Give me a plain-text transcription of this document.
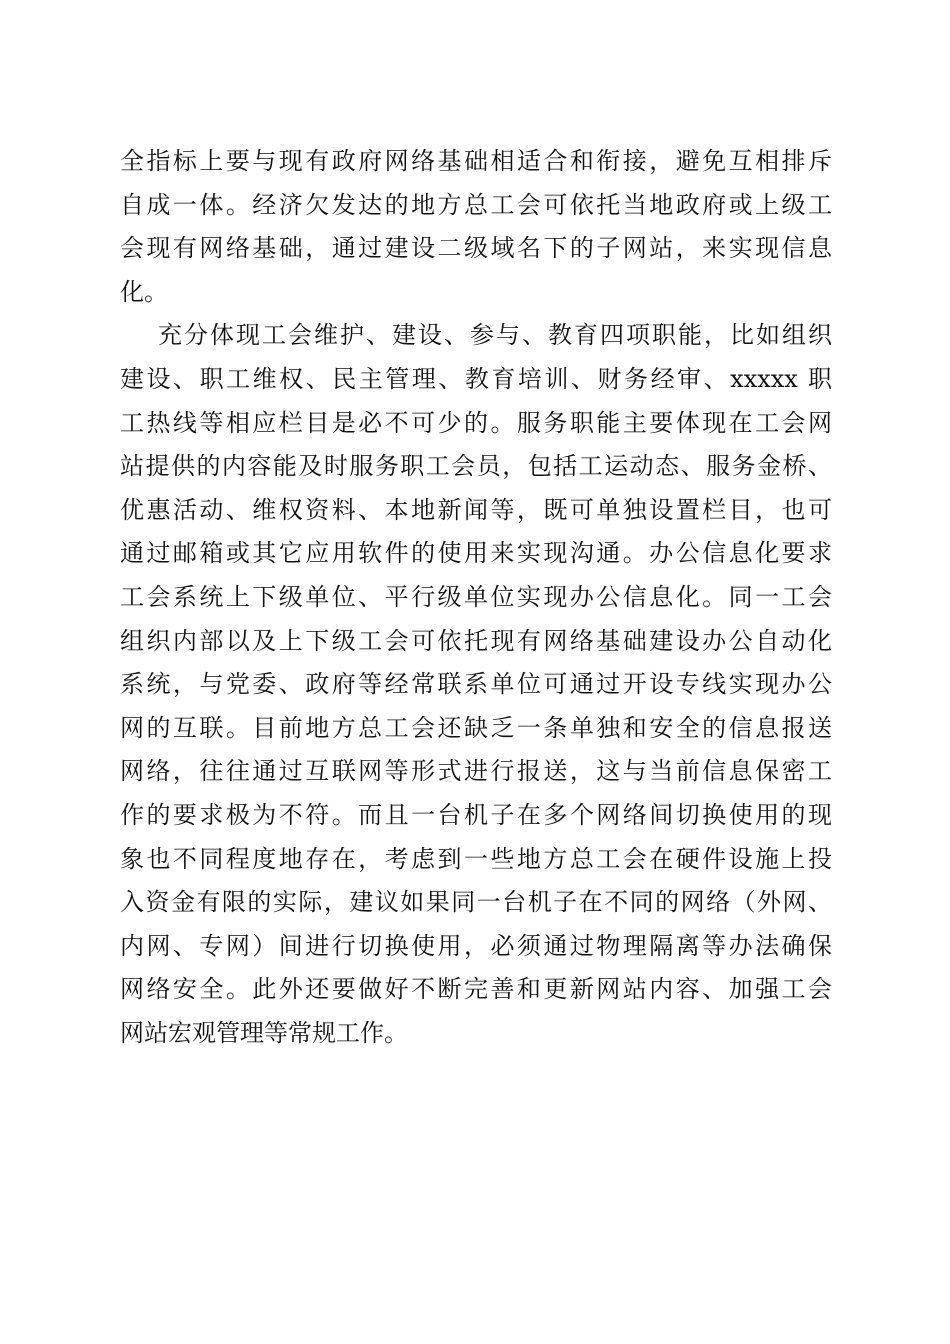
全指标上要与现有政府网络基础相适合和衔接，避免互相排斥
自成一体。经济欠发达的地方总工会可依托当地政府或上级工
会现有网络基础，通过建设二级域名下的子网站，来实现信息
化。
充分体现工会维护、建设、参与、教育四项职能，比如组织
建设、职工维权、民主管理、教育培训、财务经审、xxxxx 职
工热线等相应栏目是必不可少的。服务职能主要体现在工会网
站提供的内容能及时服务职工会员，包括工运动态、服务金桥、
优惠活动、维权资料、本地新闻等，既可单独设置栏目，也可
通过邮箱或其它应用软件的使用来实现沟通。办公信息化要求
工会系统上下级单位、平行级单位实现办公信息化。同一工会
组织内部以及上下级工会可依托现有网络基础建设办公自动化
系统，与党委、政府等经常联系单位可通过开设专线实现办公
网的互联。目前地方总工会还缺乏一条单独和安全的信息报送
网络，往往通过互联网等形式进行报送，这与当前信息保密工
作的要求极为不符。而且一台机子在多个网络间切换使用的现
象也不同程度地存在，考虑到一些地方总工会在硬件设施上投
入资金有限的实际，建议如果同一台机子在不同的网络（外网、
内网、专网）间进行切换使用，必须通过物理隔离等办法确保
网络安全。此外还要做好不断完善和更新网站内容、加强工会
网站宏观管理等常规工作。
